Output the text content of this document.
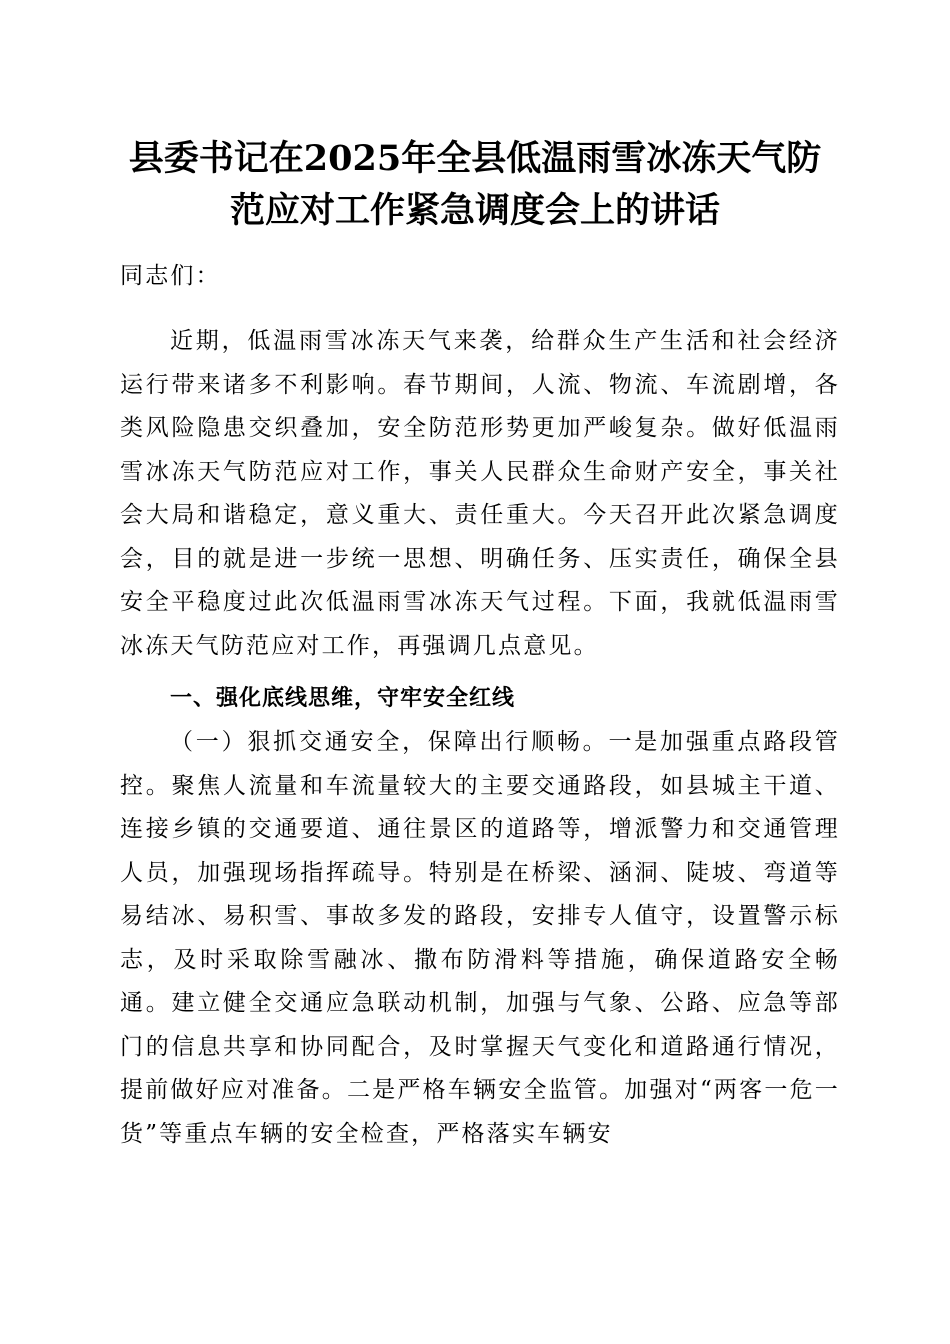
县委书记在2025年全县低温雨雪冰冻天气防
范应对工作紧急调度会上的讲话
同志们：

近期，低温雨雪冰冻天气来袭，给群众生产生活和社会经济运行带来诸多不利影响。春节期间，人流、物流、车流剧增，各类风险隐患交织叠加，安全防范形势更加严峻复杂。做好低温雨雪冰冻天气防范应对工作，事关人民群众生命财产安全，事关社会大局和谐稳定，意义重大、责任重大。今天召开此次紧急调度会，目的就是进一步统一思想、明确任务、压实责任，确保全县安全平稳度过此次低温雨雪冰冻天气过程。下面，我就低温雨雪冰冻天气防范应对工作，再强调几点意见。

一、强化底线思维，守牢安全红线

（一）狠抓交通安全，保障出行顺畅。一是加强重点路段管控。聚焦人流量和车流量较大的主要交通路段，如县城主干道、连接乡镇的交通要道、通往景区的道路等，增派警力和交通管理人员，加强现场指挥疏导。特别是在桥梁、涵洞、陡坡、弯道等易结冰、易积雪、事故多发的路段，安排专人值守，设置警示标志，及时采取除雪融冰、撒布防滑料等措施，确保道路安全畅通。建立健全交通应急联动机制，加强与气象、公路、应急等部门的信息共享和协同配合，及时掌握天气变化和道路通行情况，提前做好应对准备。二是严格车辆安全监管。加强对“两客一危一货”等重点车辆的安全检查，严格落实车辆安
